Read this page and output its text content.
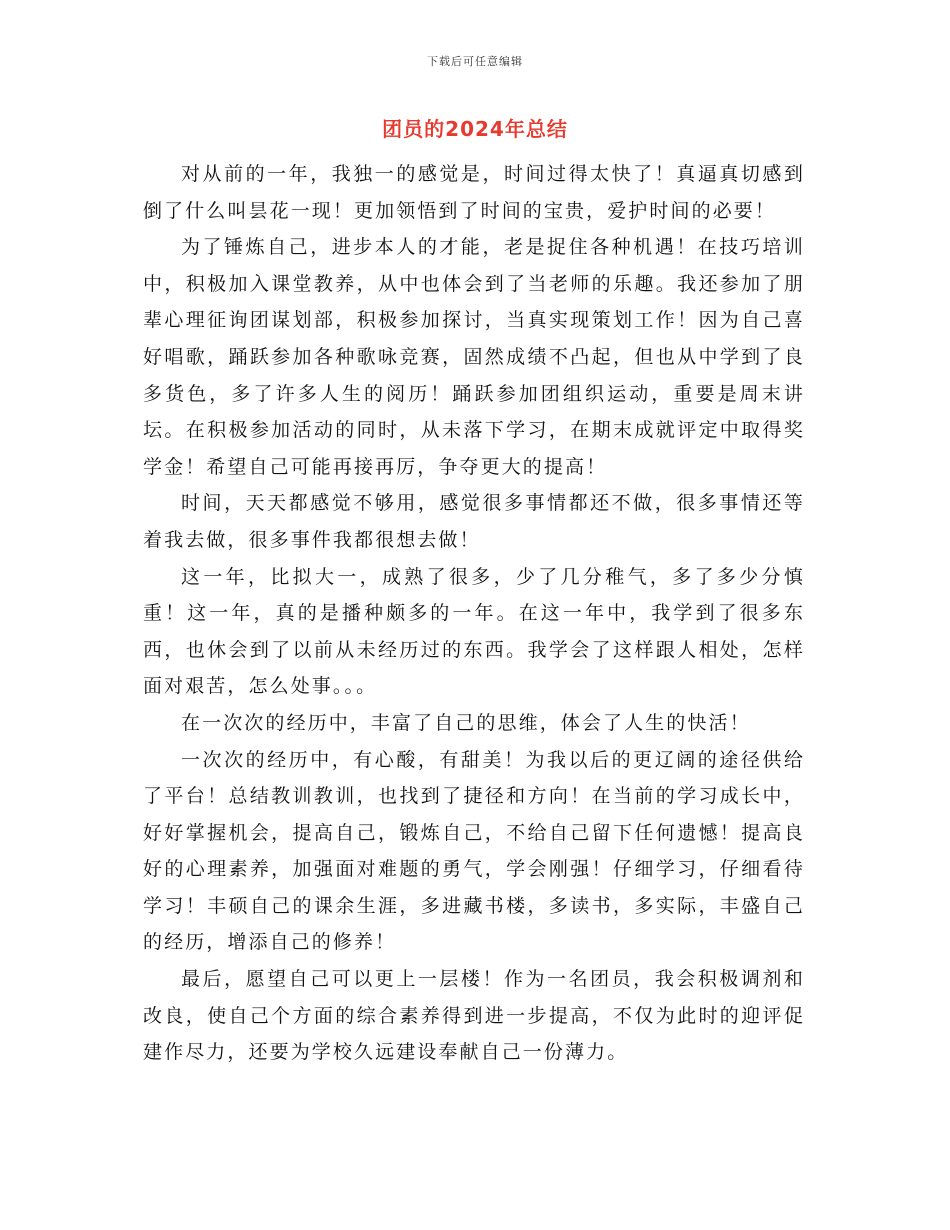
下载后可任意编辑
团员的2024年总结

对从前的一年，我独一的感觉是，时间过得太快了！真逼真切感到倒了什么叫昙花一现！更加领悟到了时间的宝贵，爱护时间的必要！

为了锤炼自己，进步本人的才能，老是捉住各种机遇！在技巧培训中，积极加入课堂教养，从中也体会到了当老师的乐趣。我还参加了朋辈心理征询团谋划部，积极参加探讨，当真实现策划工作！因为自己喜好唱歌，踊跃参加各种歌咏竞赛，固然成绩不凸起，但也从中学到了良多货色，多了许多人生的阅历！踊跃参加团组织运动，重要是周末讲坛。在积极参加活动的同时，从未落下学习，在期末成就评定中取得奖学金！希望自己可能再接再厉，争夺更大的提高！

时间，天天都感觉不够用，感觉很多事情都还不做，很多事情还等着我去做，很多事件我都很想去做！

这一年，比拟大一，成熟了很多，少了几分稚气，多了多少分慎重！这一年，真的是播种颇多的一年。在这一年中，我学到了很多东西，也休会到了以前从未经历过的东西。我学会了这样跟人相处，怎样面对艰苦，怎么处事。。。

在一次次的经历中，丰富了自己的思维，体会了人生的快活！

一次次的经历中，有心酸，有甜美！为我以后的更辽阔的途径供给了平台！总结教训教训，也找到了捷径和方向！在当前的学习成长中，好好掌握机会，提高自己，锻炼自己，不给自己留下任何遗憾！提高良好的心理素养，加强面对难题的勇气，学会刚强！仔细学习，仔细看待学习！丰硕自己的课余生涯，多进藏书楼，多读书，多实际，丰盛自己的经历，增添自己的修养！

最后，愿望自己可以更上一层楼！作为一名团员，我会积极调剂和改良，使自己个方面的综合素养得到进一步提高，不仅为此时的迎评促建作尽力，还要为学校久远建设奉献自己一份薄力。
